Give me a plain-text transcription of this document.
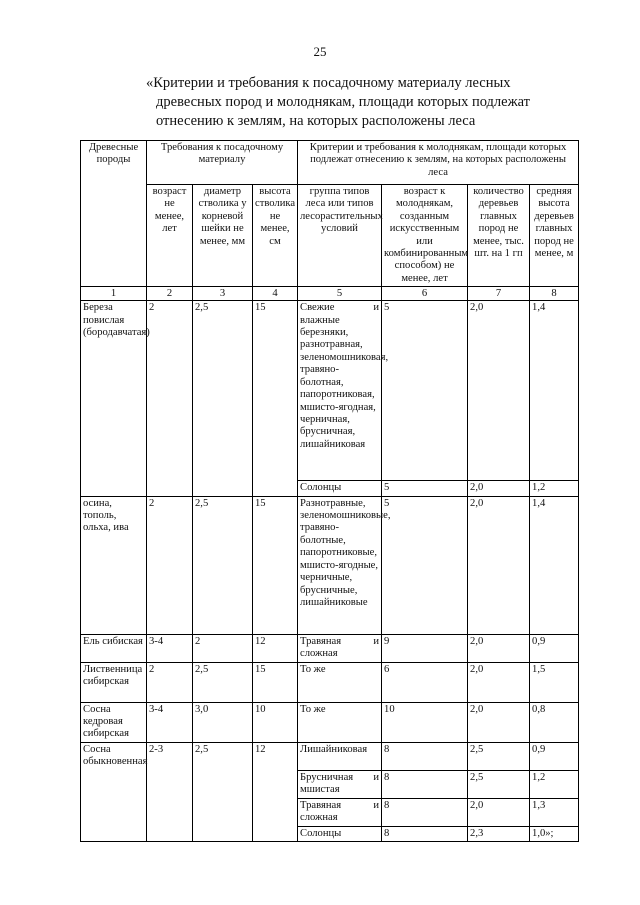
25
«Критерии и требования к посадочному материалу лесных
древесных пород и молоднякам, площади которых подлежат
отнесению к землям, на которых расположены леса
Древесные породы	Требования к посадочному материалу			Критерии и требования к молоднякам, площади которых подлежат отнесению к землям, на которых расположены леса			
	возраст не менее, лет	диаметр стволика у корневой шейки не менее, мм	высота стволика не менее, см	группа типов леса или типов лесорастительных условий	возраст к молоднякам, созданным искусственным или комбинированным способом) не менее, лет	количество деревьев главных пород не менее, тыс. шт. на 1 гп	средняя высота деревьев главных пород не менее, м
1	2	3	4	5	6	7	8
Береза повислая (бородавчатая)	2	2,5	15	Свежие и влажные березняки, разнотравная, зеленомошниковая, травяно-болотная, папоротниковая, мшисто-ягодная, черничная, брусничная, лишайниковая	5	2,0	1,4
				Солонцы	5	2,0	1,2
осина, тополь, ольха, ива	2	2,5	15	Разнотравные, зеленомошниковые, травяно-болотные, папоротниковые, мшисто-ягодные, черничные, брусничные, лишайниковые	5	2,0	1,4
Ель сибиская	3-4	2	12	Травяная и сложная	9	2,0	0,9
Лиственница сибирская	2	2,5	15	То же	6	2,0	1,5
Сосна кедровая сибирская	3-4	3,0	10	То же	10	2,0	0,8
Сосна обыкновенная	2-3	2,5	12	Лишайниковая	8	2,5	0,9
				Брусничная и мшистая	8	2,5	1,2
				Травяная и сложная	8	2,0	1,3
				Солонцы	8	2,3	1,0»;
